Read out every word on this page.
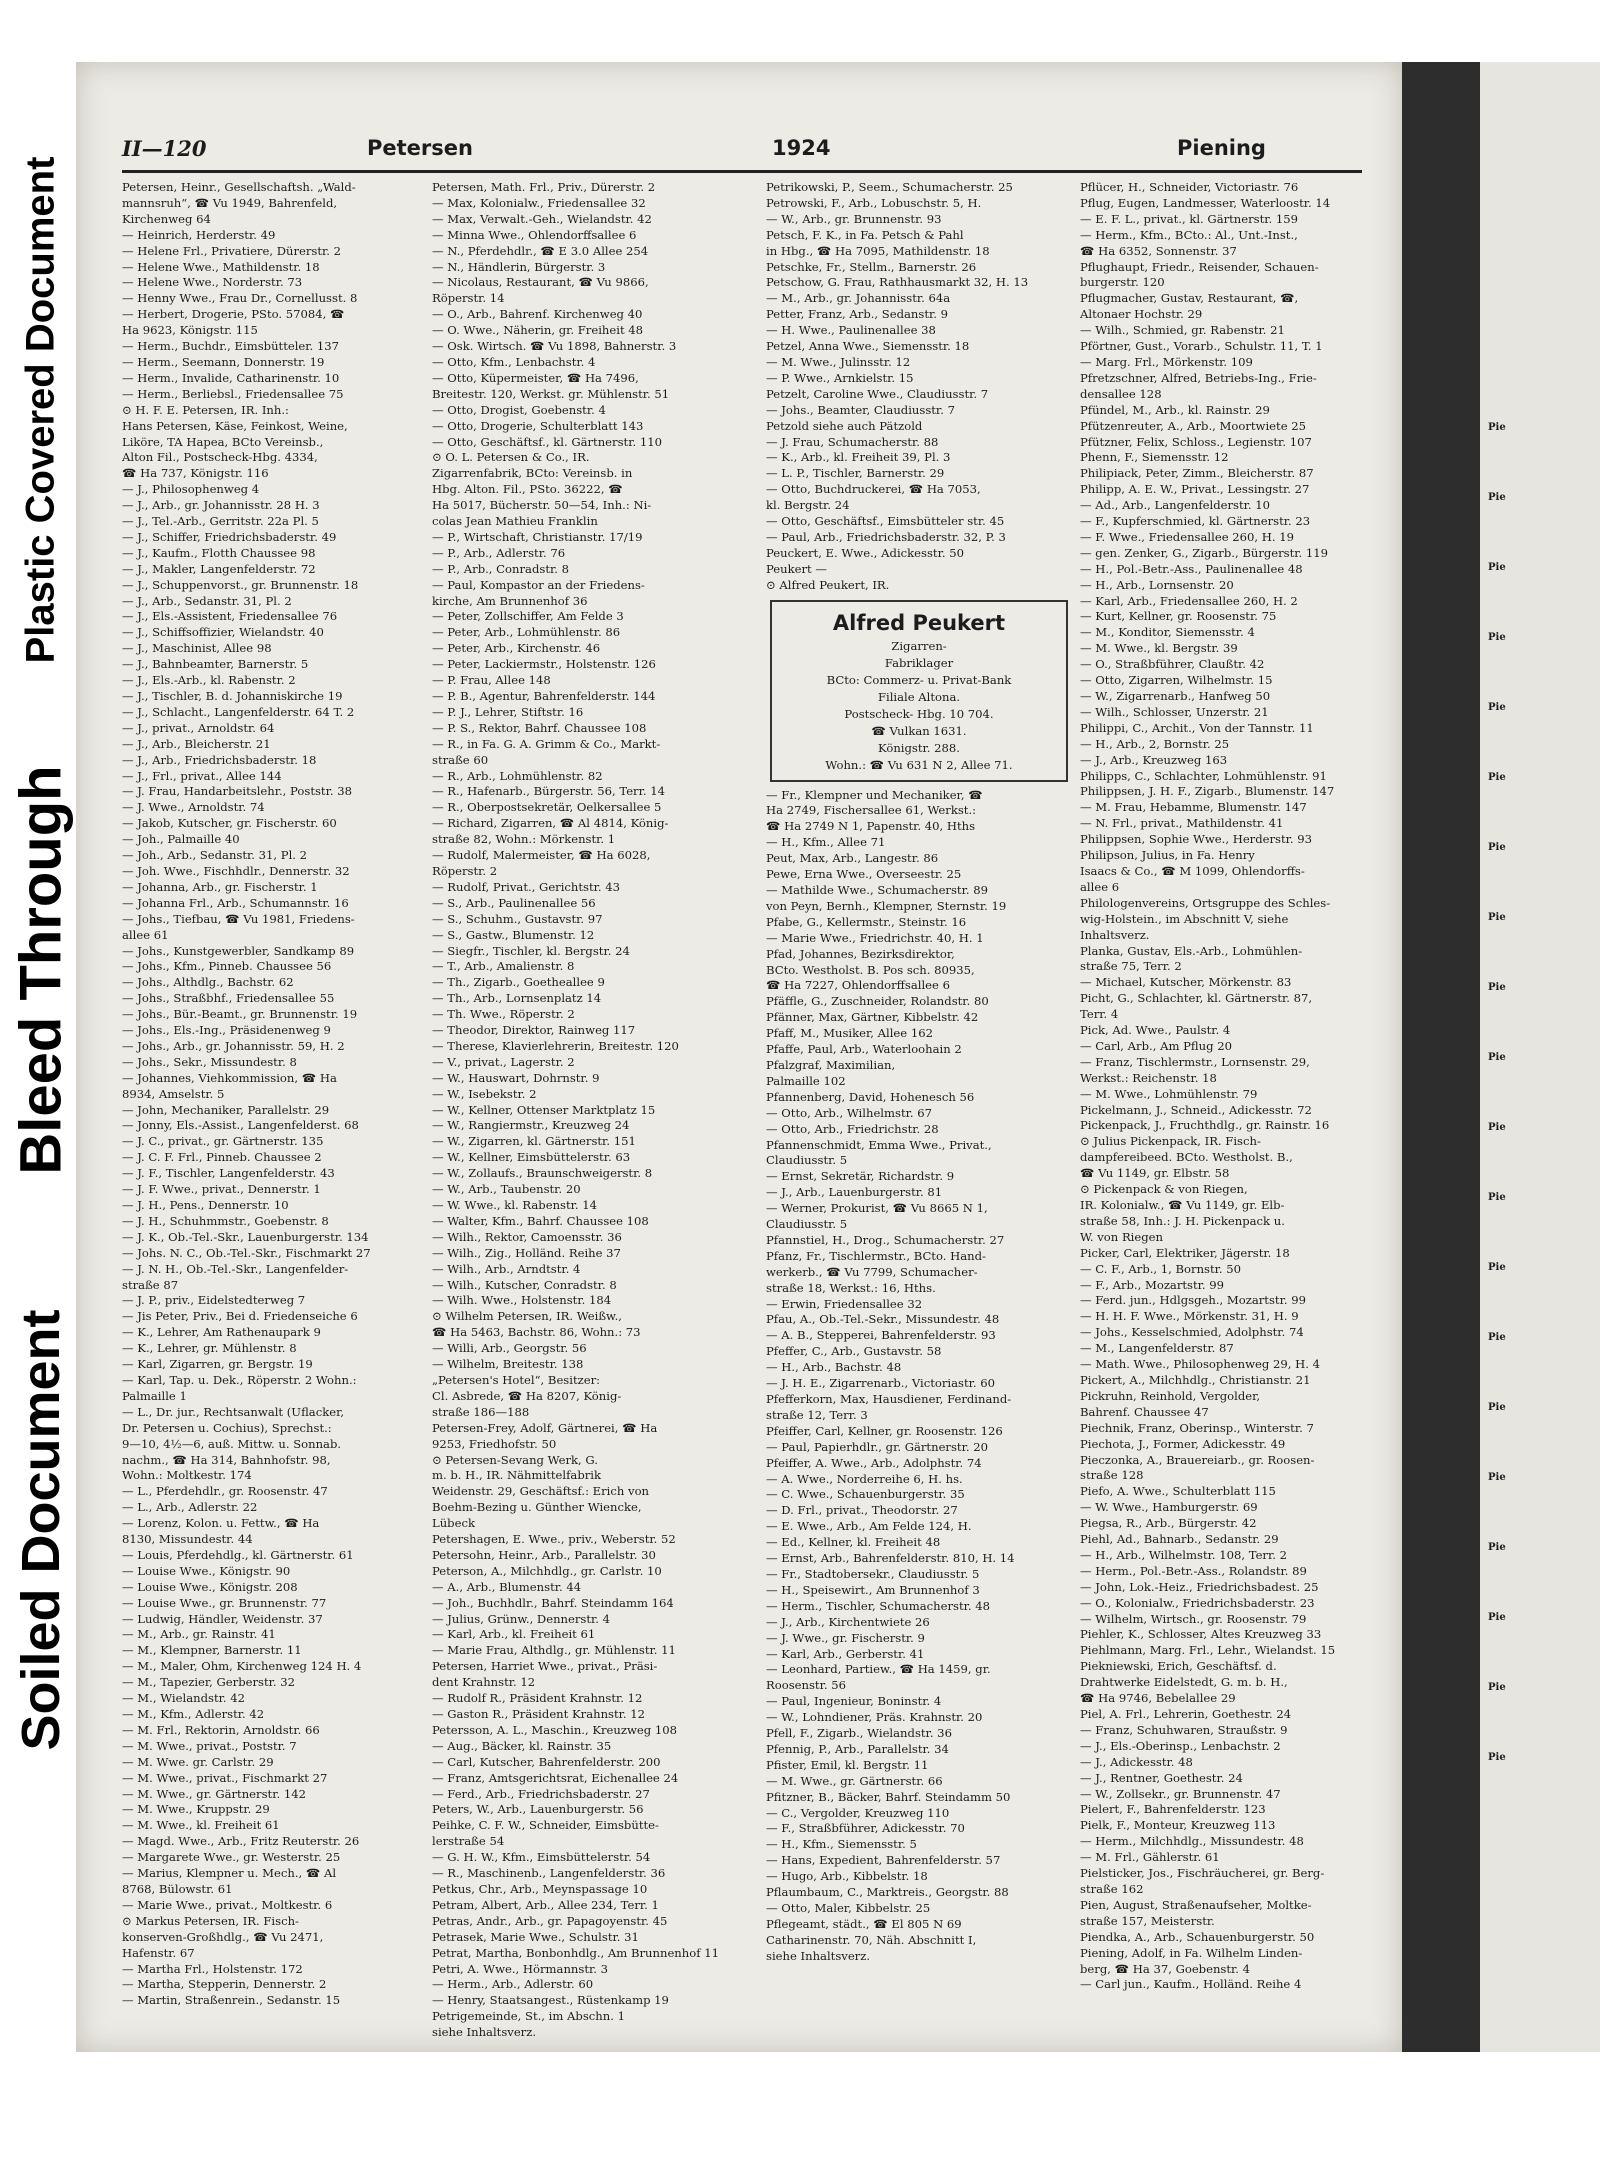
Plastic Covered Document
Bleed Through
Soiled Document
II—120	Petersen	1924	Piening
Petersen, Heinr., Gesellschaftsh. „Wald-
mannsruh“, ☎ Vu 1949, Bahrenfeld,
Kirchenweg 64
— Heinrich, Herderstr. 49
— Helene Frl., Privatiere, Dürerstr. 2
— Helene Wwe., Mathildenstr. 18
— Helene Wwe., Norderstr. 73
— Henny Wwe., Frau Dr., Cornellusst. 8
— Herbert, Drogerie, PSto. 57084, ☎
Ha 9623, Königstr. 115
— Herm., Buchdr., Eimsbütteler. 137
— Herm., Seemann, Donnerstr. 19
— Herm., Invalide, Catharinenstr. 10
— Herm., Berliebsl., Friedensallee 75
⊙ H. F. E. Petersen, IR. Inh.:
Hans Petersen, Käse, Feinkost, Weine,
Liköre, TA Hapea, BCto Vereinsb.,
Alton Fil., Postscheck-Hbg. 4334,
☎ Ha 737, Königstr. 116
— J., Philosophenweg 4
— J., Arb., gr. Johannisstr. 28 H. 3
— J., Tel.-Arb., Gerritstr. 22a Pl. 5
— J., Schiffer, Friedrichsbaderstr. 49
— J., Kaufm., Flotth Chaussee 98
— J., Makler, Langenfelderstr. 72
— J., Schuppenvorst., gr. Brunnenstr. 18
— J., Arb., Sedanstr. 31, Pl. 2
— J., Els.-Assistent, Friedensallee 76
— J., Schiffsoffizier, Wielandstr. 40
— J., Maschinist, Allee 98
— J., Bahnbeamter, Barnerstr. 5
— J., Els.-Arb., kl. Rabenstr. 2
— J., Tischler, B. d. Johanniskirche 19
— J., Schlacht., Langenfelderstr. 64 T. 2
— J., privat., Arnoldstr. 64
— J., Arb., Bleicherstr. 21
— J., Arb., Friedrichsbaderstr. 18
— J., Frl., privat., Allee 144
— J. Frau, Handarbeitslehr., Poststr. 38
— J. Wwe., Arnoldstr. 74
— Jakob, Kutscher, gr. Fischerstr. 60
— Joh., Palmaille 40
— Joh., Arb., Sedanstr. 31, Pl. 2
— Joh. Wwe., Fischhdlr., Dennerstr. 32
— Johanna, Arb., gr. Fischerstr. 1
— Johanna Frl., Arb., Schumannstr. 16
— Johs., Tiefbau, ☎ Vu 1981, Friedens-
allee 61
— Johs., Kunstgewerbler, Sandkamp 89
— Johs., Kfm., Pinneb. Chaussee 56
— Johs., Althdlg., Bachstr. 62
— Johs., Straßbhf., Friedensallee 55
— Johs., Bür.-Beamt., gr. Brunnenstr. 19
— Johs., Els.-Ing., Präsidenenweg 9
— Johs., Arb., gr. Johannisstr. 59, H. 2
— Johs., Sekr., Missundestr. 8
— Johannes, Viehkommission, ☎ Ha
8934, Amselstr. 5
— John, Mechaniker, Parallelstr. 29
— Jonny, Els.-Assist., Langenfelderst. 68
— J. C., privat., gr. Gärtnerstr. 135
— J. C. F. Frl., Pinneb. Chaussee 2
— J. F., Tischler, Langenfelderstr. 43
— J. F. Wwe., privat., Dennerstr. 1
— J. H., Pens., Dennerstr. 10
— J. H., Schuhmmstr., Goebenstr. 8
— J. K., Ob.-Tel.-Skr., Lauenburgerstr. 134
— Johs. N. C., Ob.-Tel.-Skr., Fischmarkt 27
— J. N. H., Ob.-Tel.-Skr., Langenfelder-
straße 87
— J. P., priv., Eidelstedterweg 7
— Jis Peter, Priv., Bei d. Friedenseiche 6
— K., Lehrer, Am Rathenaupark 9
— K., Lehrer, gr. Mühlenstr. 8
— Karl, Zigarren, gr. Bergstr. 19
— Karl, Tap. u. Dek., Röperstr. 2 Wohn.:
Palmaille 1
— L., Dr. jur., Rechtsanwalt (Uflacker,
Dr. Petersen u. Cochius), Sprechst.:
9—10, 4½—6, auß. Mittw. u. Sonnab.
nachm., ☎ Ha 314, Bahnhofstr. 98,
Wohn.: Moltkestr. 174
— L., Pferdehdlr., gr. Roosenstr. 47
— L., Arb., Adlerstr. 22
— Lorenz, Kolon. u. Fettw., ☎ Ha
8130, Missundestr. 44
— Louis, Pferdehdlg., kl. Gärtnerstr. 61
— Louise Wwe., Königstr. 90
— Louise Wwe., Königstr. 208
— Louise Wwe., gr. Brunnenstr. 77
— Ludwig, Händler, Weidenstr. 37
— M., Arb., gr. Rainstr. 41
— M., Klempner, Barnerstr. 11
— M., Maler, Ohm, Kirchenweg 124 H. 4
— M., Tapezier, Gerberstr. 32
— M., Wielandstr. 42
— M., Kfm., Adlerstr. 42
— M. Frl., Rektorin, Arnoldstr. 66
— M. Wwe., privat., Poststr. 7
— M. Wwe. gr. Carlstr. 29
— M. Wwe., privat., Fischmarkt 27
— M. Wwe., gr. Gärtnerstr. 142
— M. Wwe., Kruppstr. 29
— M. Wwe., kl. Freiheit 61
— Magd. Wwe., Arb., Fritz Reuterstr. 26
— Margarete Wwe., gr. Westerstr. 25
— Marius, Klempner u. Mech., ☎ Al
8768, Bülowstr. 61
— Marie Wwe., privat., Moltkestr. 6
⊙ Markus Petersen, IR. Fisch-
konserven-Großhdlg., ☎ Vu 2471,
Hafenstr. 67
— Martha Frl., Holstenstr. 172
— Martha, Stepperin, Dennerstr. 2
— Martin, Straßenrein., Sedanstr. 15
Petersen, Math. Frl., Priv., Dürerstr. 2
— Max, Kolonialw., Friedensallee 32
— Max, Verwalt.-Geh., Wielandstr. 42
— Minna Wwe., Ohlendorffsallee 6
— N., Pferdehdlr., ☎ E 3.0 Allee 254
— N., Händlerin, Bürgerstr. 3
— Nicolaus, Restaurant, ☎ Vu 9866,
Röperstr. 14
— O., Arb., Bahrenf. Kirchenweg 40
— O. Wwe., Näherin, gr. Freiheit 48
— Osk. Wirtsch. ☎ Vu 1898, Bahnerstr. 3
— Otto, Kfm., Lenbachstr. 4
— Otto, Küpermeister, ☎ Ha 7496,
Breitestr. 120, Werkst. gr. Mühlenstr. 51
— Otto, Drogist, Goebenstr. 4
— Otto, Drogerie, Schulterblatt 143
— Otto, Geschäftsf., kl. Gärtnerstr. 110
⊙ O. L. Petersen & Co., IR.
Zigarrenfabrik, BCto: Vereinsb. in
Hbg. Alton. Fil., PSto. 36222, ☎
Ha 5017, Bücherstr. 50—54, Inh.: Ni-
colas Jean Mathieu Franklin
— P., Wirtschaft, Christianstr. 17/19
— P., Arb., Adlerstr. 76
— P., Arb., Conradstr. 8
— Paul, Kompastor an der Friedens-
kirche, Am Brunnenhof 36
— Peter, Zollschiffer, Am Felde 3
— Peter, Arb., Lohmühlenstr. 86
— Peter, Arb., Kirchenstr. 46
— Peter, Lackiermstr., Holstenstr. 126
— P. Frau, Allee 148
— P. B., Agentur, Bahrenfelderstr. 144
— P. J., Lehrer, Stiftstr. 16
— P. S., Rektor, Bahrf. Chaussee 108
— R., in Fa. G. A. Grimm & Co., Markt-
straße 60
— R., Arb., Lohmühlenstr. 82
— R., Hafenarb., Bürgerstr. 56, Terr. 14
— R., Oberpostsekretär, Oelkersallee 5
— Richard, Zigarren, ☎ Al 4814, König-
straße 82, Wohn.: Mörkenstr. 1
— Rudolf, Malermeister, ☎ Ha 6028,
Röperstr. 2
— Rudolf, Privat., Gerichtstr. 43
— S., Arb., Paulinenallee 56
— S., Schuhm., Gustavstr. 97
— S., Gastw., Blumenstr. 12
— Siegfr., Tischler, kl. Bergstr. 24
— T., Arb., Amalienstr. 8
— Th., Zigarb., Goetheallee 9
— Th., Arb., Lornsenplatz 14
— Th. Wwe., Röperstr. 2
— Theodor, Direktor, Rainweg 117
— Therese, Klavierlehrerin, Breitestr. 120
— V., privat., Lagerstr. 2
— W., Hauswart, Dohrnstr. 9
— W., Isebekstr. 2
— W., Kellner, Ottenser Marktplatz 15
— W., Rangiermstr., Kreuzweg 24
— W., Zigarren, kl. Gärtnerstr. 151
— W., Kellner, Eimsbüttelerstr. 63
— W., Zollaufs., Braunschweigerstr. 8
— W., Arb., Taubenstr. 20
— W. Wwe., kl. Rabenstr. 14
— Walter, Kfm., Bahrf. Chaussee 108
— Wilh., Rektor, Camoensstr. 36
— Wilh., Zig., Holländ. Reihe 37
— Wilh., Arb., Arndtstr. 4
— Wilh., Kutscher, Conradstr. 8
— Wilh. Wwe., Holstenstr. 184
⊙ Wilhelm Petersen, IR. Weißw.,
☎ Ha 5463, Bachstr. 86, Wohn.: 73
— Willi, Arb., Georgstr. 56
— Wilhelm, Breitestr. 138
„Petersen's Hotel“, Besitzer:
Cl. Asbrede, ☎ Ha 8207, König-
straße 186—188
Petersen-Frey, Adolf, Gärtnerei, ☎ Ha
9253, Friedhofstr. 50
⊙ Petersen-Sevang Werk, G.
m. b. H., IR. Nähmittelfabrik
Weidenstr. 29, Geschäftsf.: Erich von
Boehm-Bezing u. Günther Wiencke,
Lübeck
Petershagen, E. Wwe., priv., Weberstr. 52
Petersohn, Heinr., Arb., Parallelstr. 30
Peterson, A., Milchhdlg., gr. Carlstr. 10
— A., Arb., Blumenstr. 44
— Joh., Buchhdlr., Bahrf. Steindamm 164
— Julius, Grünw., Dennerstr. 4
— Karl, Arb., kl. Freiheit 61
— Marie Frau, Althdlg., gr. Mühlenstr. 11
Petersen, Harriet Wwe., privat., Präsi-
dent Krahnstr. 12
— Rudolf R., Präsident Krahnstr. 12
— Gaston R., Präsident Krahnstr. 12
Petersson, A. L., Maschin., Kreuzweg 108
— Aug., Bäcker, kl. Rainstr. 35
— Carl, Kutscher, Bahrenfelderstr. 200
— Franz, Amtsgerichtsrat, Eichenallee 24
— Ferd., Arb., Friedrichsbaderstr. 27
Peters, W., Arb., Lauenburgerstr. 56
Peihke, C. F. W., Schneider, Eimsbütte-
lerstraße 54
— G. H. W., Kfm., Eimsbüttelerstr. 54
— R., Maschinenb., Langenfelderstr. 36
Petkus, Chr., Arb., Meynspassage 10
Petram, Albert, Arb., Allee 234, Terr. 1
Petras, Andr., Arb., gr. Papagoyenstr. 45
Petrasek, Marie Wwe., Schulstr. 31
Petrat, Martha, Bonbonhdlg., Am Brunnenhof 11
Petri, A. Wwe., Hörmannstr. 3
— Herm., Arb., Adlerstr. 60
— Henry, Staatsangest., Rüstenkamp 19
Petrigemeinde, St., im Abschn. 1
siehe Inhaltsverz.
Petrikowski, P., Seem., Schumacherstr. 25
Petrowski, F., Arb., Lobuschstr. 5, H.
— W., Arb., gr. Brunnenstr. 93
Petsch, F. K., in Fa. Petsch & Pahl
in Hbg., ☎ Ha 7095, Mathildenstr. 18
Petschke, Fr., Stellm., Barnerstr. 26
Petschow, G. Frau, Rathhausmarkt 32, H. 13
— M., Arb., gr. Johannisstr. 64a
Petter, Franz, Arb., Sedanstr. 9
— H. Wwe., Paulinenallee 38
Petzel, Anna Wwe., Siemensstr. 18
— M. Wwe., Julinsstr. 12
— P. Wwe., Arnkielstr. 15
Petzelt, Caroline Wwe., Claudiusstr. 7
— Johs., Beamter, Claudiusstr. 7
Petzold siehe auch Pätzold
— J. Frau, Schumacherstr. 88
— K., Arb., kl. Freiheit 39, Pl. 3
— L. P., Tischler, Barnerstr. 29
— Otto, Buchdruckerei, ☎ Ha 7053,
kl. Bergstr. 24
— Otto, Geschäftsf., Eimsbütteler str. 45
— Paul, Arb., Friedrichsbaderstr. 32, P. 3
Peuckert, E. Wwe., Adickesstr. 50
Peukert —
⊙ Alfred Peukert, IR.
Alfred Peukert
Zigarren-
Fabriklager
BCto: Commerz- u. Privat-Bank
Filiale Altona.
Postscheck- Hbg. 10 704.
☎ Vulkan 1631.
Königstr. 288.
Wohn.: ☎ Vu 631 N 2, Allee 71.
— Fr., Klempner und Mechaniker, ☎
Ha 2749, Fischersallee 61, Werkst.:
☎ Ha 2749 N 1, Papenstr. 40, Hths
— H., Kfm., Allee 71
Peut, Max, Arb., Langestr. 86
Pewe, Erna Wwe., Overseestr. 25
— Mathilde Wwe., Schumacherstr. 89
von Peyn, Bernh., Klempner, Sternstr. 19
Pfabe, G., Kellermstr., Steinstr. 16
— Marie Wwe., Friedrichstr. 40, H. 1
Pfad, Johannes, Bezirksdirektor,
BCto. Westholst. B. Pos sch. 80935,
☎ Ha 7227, Ohlendorffsallee 6
Pfäffle, G., Zuschneider, Rolandstr. 80
Pfänner, Max, Gärtner, Kibbelstr. 42
Pfaff, M., Musiker, Allee 162
Pfaffe, Paul, Arb., Waterloohain 2
Pfalzgraf, Maximilian,
Palmaille 102
Pfannenberg, David, Hohenesch 56
— Otto, Arb., Wilhelmstr. 67
— Otto, Arb., Friedrichstr. 28
Pfannenschmidt, Emma Wwe., Privat.,
Claudiusstr. 5
— Ernst, Sekretär, Richardstr. 9
— J., Arb., Lauenburgerstr. 81
— Werner, Prokurist, ☎ Vu 8665 N 1,
Claudiusstr. 5
Pfannstiel, H., Drog., Schumacherstr. 27
Pfanz, Fr., Tischlermstr., BCto. Hand-
werkerb., ☎ Vu 7799, Schumacher-
straße 18, Werkst.: 16, Hths.
— Erwin, Friedensallee 32
Pfau, A., Ob.-Tel.-Sekr., Missundestr. 48
— A. B., Stepperei, Bahrenfelderstr. 93
Pfeffer, C., Arb., Gustavstr. 58
— H., Arb., Bachstr. 48
— J. H. E., Zigarrenarb., Victoriastr. 60
Pfefferkorn, Max, Hausdiener, Ferdinand-
straße 12, Terr. 3
Pfeiffer, Carl, Kellner, gr. Roosenstr. 126
— Paul, Papierhdlr., gr. Gärtnerstr. 20
Pfeiffer, A. Wwe., Arb., Adolphstr. 74
— A. Wwe., Norderreihe 6, H. hs.
— C. Wwe., Schauenburgerstr. 35
— D. Frl., privat., Theodorstr. 27
— E. Wwe., Arb., Am Felde 124, H.
— Ed., Kellner, kl. Freiheit 48
— Ernst, Arb., Bahrenfelderstr. 810, H. 14
— Fr., Stadtobersekr., Claudiusstr. 5
— H., Speisewirt., Am Brunnenhof 3
— Herm., Tischler, Schumacherstr. 48
— J., Arb., Kirchentwiete 26
— J. Wwe., gr. Fischerstr. 9
— Karl, Arb., Gerberstr. 41
— Leonhard, Partiew., ☎ Ha 1459, gr.
Roosenstr. 56
— Paul, Ingenieur, Boninstr. 4
— W., Lohndiener, Präs. Krahnstr. 20
Pfell, F., Zigarb., Wielandstr. 36
Pfennig, P., Arb., Parallelstr. 34
Pfister, Emil, kl. Bergstr. 11
— M. Wwe., gr. Gärtnerstr. 66
Pfitzner, B., Bäcker, Bahrf. Steindamm 50
— C., Vergolder, Kreuzweg 110
— F., Straßbführer, Adickesstr. 70
— H., Kfm., Siemensstr. 5
— Hans, Expedient, Bahrenfelderstr. 57
— Hugo, Arb., Kibbelstr. 18
Pflaumbaum, C., Marktreis., Georgstr. 88
— Otto, Maler, Kibbelstr. 25
Pflegeamt, städt., ☎ El 805 N 69
Catharinenstr. 70, Näh. Abschnitt I,
siehe Inhaltsverz.
Pflücer, H., Schneider, Victoriastr. 76
Pflug, Eugen, Landmesser, Waterloostr. 14
— E. F. L., privat., kl. Gärtnerstr. 159
— Herm., Kfm., BCto.: Al., Unt.-Inst.,
☎ Ha 6352, Sonnenstr. 37
Pflughaupt, Friedr., Reisender, Schauen-
burgerstr. 120
Pflugmacher, Gustav, Restaurant, ☎,
Altonaer Hochstr. 29
— Wilh., Schmied, gr. Rabenstr. 21
Pförtner, Gust., Vorarb., Schulstr. 11, T. 1
— Marg. Frl., Mörkenstr. 109
Pfretzschner, Alfred, Betriebs-Ing., Frie-
densallee 128
Pfündel, M., Arb., kl. Rainstr. 29
Pfützenreuter, A., Arb., Moortwiete 25
Pfützner, Felix, Schloss., Legienstr. 107
Phenn, F., Siemensstr. 12
Philipiack, Peter, Zimm., Bleicherstr. 87
Philipp, A. E. W., Privat., Lessingstr. 27
— Ad., Arb., Langenfelderstr. 10
— F., Kupferschmied, kl. Gärtnerstr. 23
— F. Wwe., Friedensallee 260, H. 19
— gen. Zenker, G., Zigarb., Bürgerstr. 119
— H., Pol.-Betr.-Ass., Paulinenallee 48
— H., Arb., Lornsenstr. 20
— Karl, Arb., Friedensallee 260, H. 2
— Kurt, Kellner, gr. Roosenstr. 75
— M., Konditor, Siemensstr. 4
— M. Wwe., kl. Bergstr. 39
— O., Straßbführer, Claußtr. 42
— Otto, Zigarren, Wilhelmstr. 15
— W., Zigarrenarb., Hanfweg 50
— Wilh., Schlosser, Unzerstr. 21
Philippi, C., Archit., Von der Tannstr. 11
— H., Arb., 2, Bornstr. 25
— J., Arb., Kreuzweg 163
Philipps, C., Schlachter, Lohmühlenstr. 91
Philippsen, J. H. F., Zigarb., Blumenstr. 147
— M. Frau, Hebamme, Blumenstr. 147
— N. Frl., privat., Mathildenstr. 41
Philippsen, Sophie Wwe., Herderstr. 93
Philipson, Julius, in Fa. Henry
Isaacs & Co., ☎ M 1099, Ohlendorffs-
allee 6
Philologenvereins, Ortsgruppe des Schles-
wig-Holstein., im Abschnitt V, siehe
Inhaltsverz.
Planka, Gustav, Els.-Arb., Lohmühlen-
straße 75, Terr. 2
— Michael, Kutscher, Mörkenstr. 83
Picht, G., Schlachter, kl. Gärtnerstr. 87,
Terr. 4
Pick, Ad. Wwe., Paulstr. 4
— Carl, Arb., Am Pflug 20
— Franz, Tischlermstr., Lornsenstr. 29,
Werkst.: Reichenstr. 18
— M. Wwe., Lohmühlenstr. 79
Pickelmann, J., Schneid., Adickesstr. 72
Pickenpack, J., Fruchthdlg., gr. Rainstr. 16
⊙ Julius Pickenpack, IR. Fisch-
dampfereibeed. BCto. Westholst. B.,
☎ Vu 1149, gr. Elbstr. 58
⊙ Pickenpack & von Riegen,
IR. Kolonialw., ☎ Vu 1149, gr. Elb-
straße 58, Inh.: J. H. Pickenpack u.
W. von Riegen
Picker, Carl, Elektriker, Jägerstr. 18
— C. F., Arb., 1, Bornstr. 50
— F., Arb., Mozartstr. 99
— Ferd. jun., Hdlgsgeh., Mozartstr. 99
— H. H. F. Wwe., Mörkenstr. 31, H. 9
— Johs., Kesselschmied, Adolphstr. 74
— M., Langenfelderstr. 87
— Math. Wwe., Philosophenweg 29, H. 4
Pickert, A., Milchhdlg., Christianstr. 21
Pickruhn, Reinhold, Vergolder,
Bahrenf. Chaussee 47
Piechnik, Franz, Oberinsp., Winterstr. 7
Piechota, J., Former, Adickesstr. 49
Pieczonka, A., Brauereiarb., gr. Roosen-
straße 128
Piefo, A. Wwe., Schulterblatt 115
— W. Wwe., Hamburgerstr. 69
Piegsa, R., Arb., Bürgerstr. 42
Piehl, Ad., Bahnarb., Sedanstr. 29
— H., Arb., Wilhelmstr. 108, Terr. 2
— Herm., Pol.-Betr.-Ass., Rolandstr. 89
— John, Lok.-Heiz., Friedrichsbadest. 25
— O., Kolonialw., Friedrichsbaderstr. 23
— Wilhelm, Wirtsch., gr. Roosenstr. 79
Piehler, K., Schlosser, Altes Kreuzweg 33
Piehlmann, Marg. Frl., Lehr., Wielandst. 15
Piekniewski, Erich, Geschäftsf. d.
Drahtwerke Eidelstedt, G. m. b. H.,
☎ Ha 9746, Bebelallee 29
Piel, A. Frl., Lehrerin, Goethestr. 24
— Franz, Schuhwaren, Straußstr. 9
— J., Els.-Oberinsp., Lenbachstr. 2
— J., Adickesstr. 48
— J., Rentner, Goethestr. 24
— W., Zollsekr., gr. Brunnenstr. 47
Pielert, F., Bahrenfelderstr. 123
Pielk, F., Monteur, Kreuzweg 113
— Herm., Milchhdlg., Missundestr. 48
— M. Frl., Gählerstr. 61
Pielsticker, Jos., Fischräucherei, gr. Berg-
straße 162
Pien, August, Straßenaufseher, Moltke-
straße 157, Meisterstr.
Piendka, A., Arb., Schauenburgerstr. 50
Piening, Adolf, in Fa. Wilhelm Linden-
berg, ☎ Ha 37, Goebenstr. 4
— Carl jun., Kaufm., Holländ. Reihe 4
Pie
Pie
Pie
Pie
Pie
Pie
Pie
Pie
Pie
Pie
Pie
Pie
Pie
Pie
Pie
Pie
Pie
Pie
Pie
Pie
